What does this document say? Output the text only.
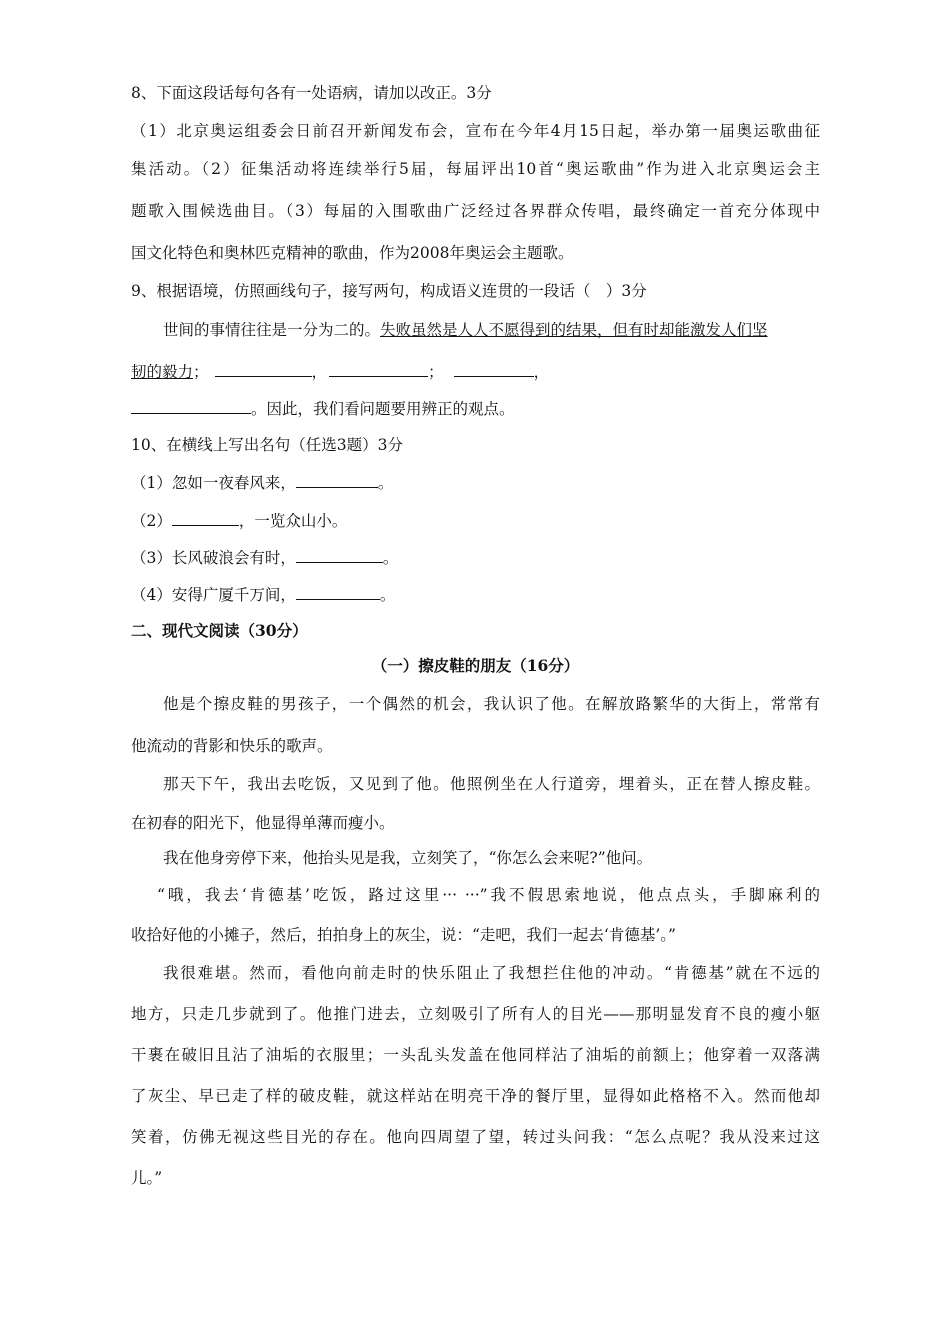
8、下面这段话每句各有一处语病，请加以改正。3分
（1）北京奥运组委会日前召开新闻发布会，宣布在今年4月15日起，举办第一届奥运歌曲征
集活动。（2）征集活动将连续举行5届，每届评出10首“奥运歌曲”作为进入北京奥运会主
题歌入围候选曲目。（3）每届的入围歌曲广泛经过各界群众传唱，最终确定一首充分体现中
国文化特色和奥林匹克精神的歌曲，作为2008年奥运会主题歌。
9、根据语境，仿照画线句子，接写两句，构成语义连贯的一段话（　）3分
世间的事情往往是一分为二的。失败虽然是人人不愿得到的结果，但有时却能激发人们坚
韧的毅力；	，	；	，
。因此，我们看问题要用辨正的观点。
10、在横线上写出名句（任选3题）3分
（1）忽如一夜春风来，	。
（2）	，一览众山小。
（3）长风破浪会有时，	。
（4）安得广厦千万间，	。
二、现代文阅读（30分）
（一）擦皮鞋的朋友（16分）
他是个擦皮鞋的男孩子，一个偶然的机会，我认识了他。在解放路繁华的大街上，常常有
他流动的背影和快乐的歌声。
那天下午，我出去吃饭，又见到了他。他照例坐在人行道旁，埋着头，正在替人擦皮鞋。
在初春的阳光下，他显得单薄而瘦小。
我在他身旁停下来，他抬头见是我，立刻笑了，“你怎么会来呢?”他问。
“哦，我去‘肯德基’吃饭，路过这里··· ···”我不假思索地说，他点点头，手脚麻利的
收拾好他的小摊子，然后，拍拍身上的灰尘，说：“走吧，我们一起去‘肯德基’。”
我很难堪。然而，看他向前走时的快乐阻止了我想拦住他的冲动。“肯德基”就在不远的
地方，只走几步就到了。他推门进去，立刻吸引了所有人的目光——那明显发育不良的瘦小躯
干裹在破旧且沾了油垢的衣服里；一头乱头发盖在他同样沾了油垢的前额上；他穿着一双落满
了灰尘、早已走了样的破皮鞋，就这样站在明亮干净的餐厅里，显得如此格格不入。然而他却
笑着，仿佛无视这些目光的存在。他向四周望了望，转过头问我：“怎么点呢？我从没来过这
儿。”
